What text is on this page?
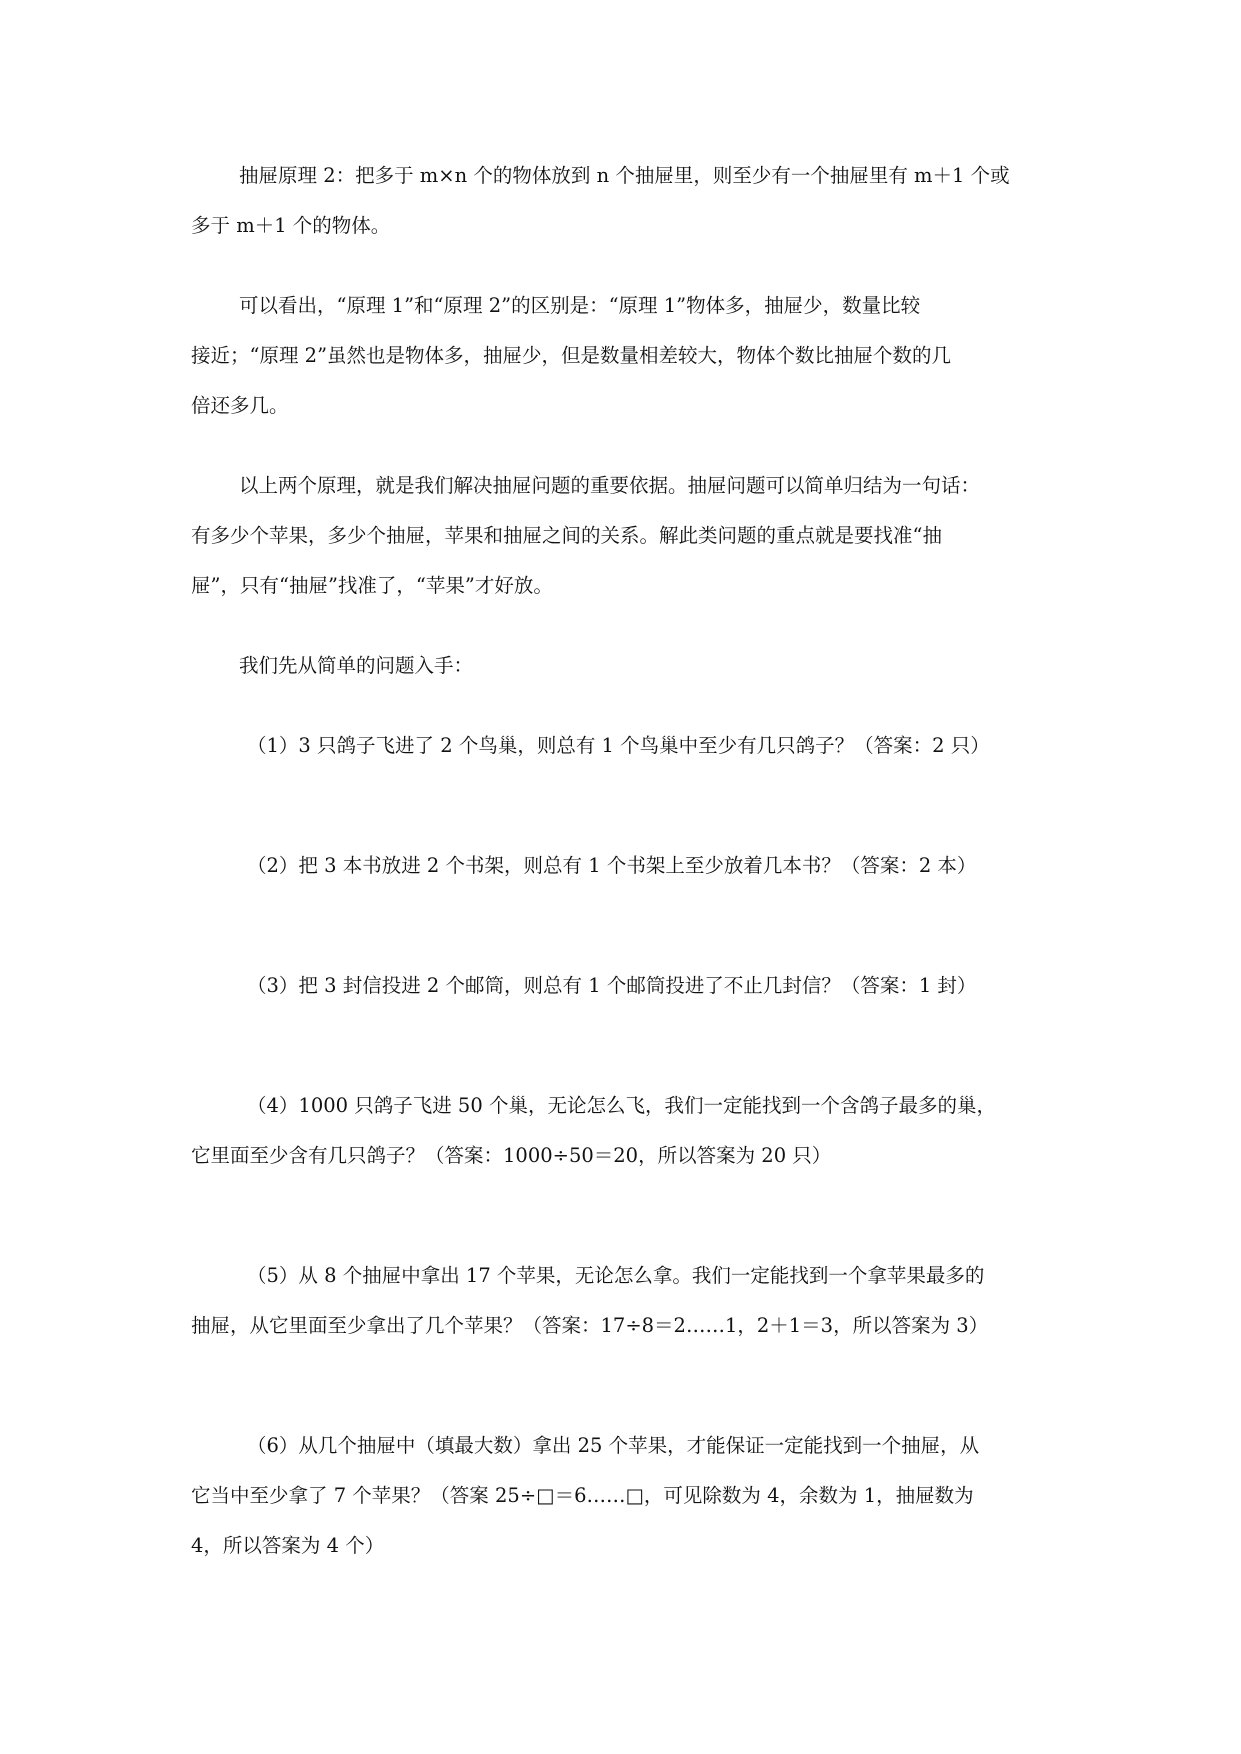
抽屉原理 2：把多于 m×n 个的物体放到 n 个抽屉里，则至少有一个抽屉里有 m＋1 个或
多于 m＋1 个的物体。
可以看出，“原理 1”和“原理 2”的区别是：“原理 1”物体多，抽屉少，数量比较
接近；“原理 2”虽然也是物体多，抽屉少，但是数量相差较大，物体个数比抽屉个数的几
倍还多几。
以上两个原理，就是我们解决抽屉问题的重要依据。抽屉问题可以简单归结为一句话：
有多少个苹果，多少个抽屉，苹果和抽屉之间的关系。解此类问题的重点就是要找准“抽
屉”，只有“抽屉”找准了，“苹果”才好放。
我们先从简单的问题入手：
（1）3 只鸽子飞进了 2 个鸟巢，则总有 1 个鸟巢中至少有几只鸽子？（答案：2 只）
（2）把 3 本书放进 2 个书架，则总有 1 个书架上至少放着几本书？（答案：2 本）
（3）把 3 封信投进 2 个邮筒，则总有 1 个邮筒投进了不止几封信？（答案：1 封）
（4）1000 只鸽子飞进 50 个巢，无论怎么飞，我们一定能找到一个含鸽子最多的巢，
它里面至少含有几只鸽子？（答案：1000÷50＝20，所以答案为 20 只）
（5）从 8 个抽屉中拿出 17 个苹果，无论怎么拿。我们一定能找到一个拿苹果最多的
抽屉，从它里面至少拿出了几个苹果？（答案：17÷8＝2……1，2＋1＝3，所以答案为 3）
（6）从几个抽屉中（填最大数）拿出 25 个苹果，才能保证一定能找到一个抽屉，从
它当中至少拿了 7 个苹果？（答案 25÷□＝6……□，可见除数为 4，余数为 1，抽屉数为
4，所以答案为 4 个）
